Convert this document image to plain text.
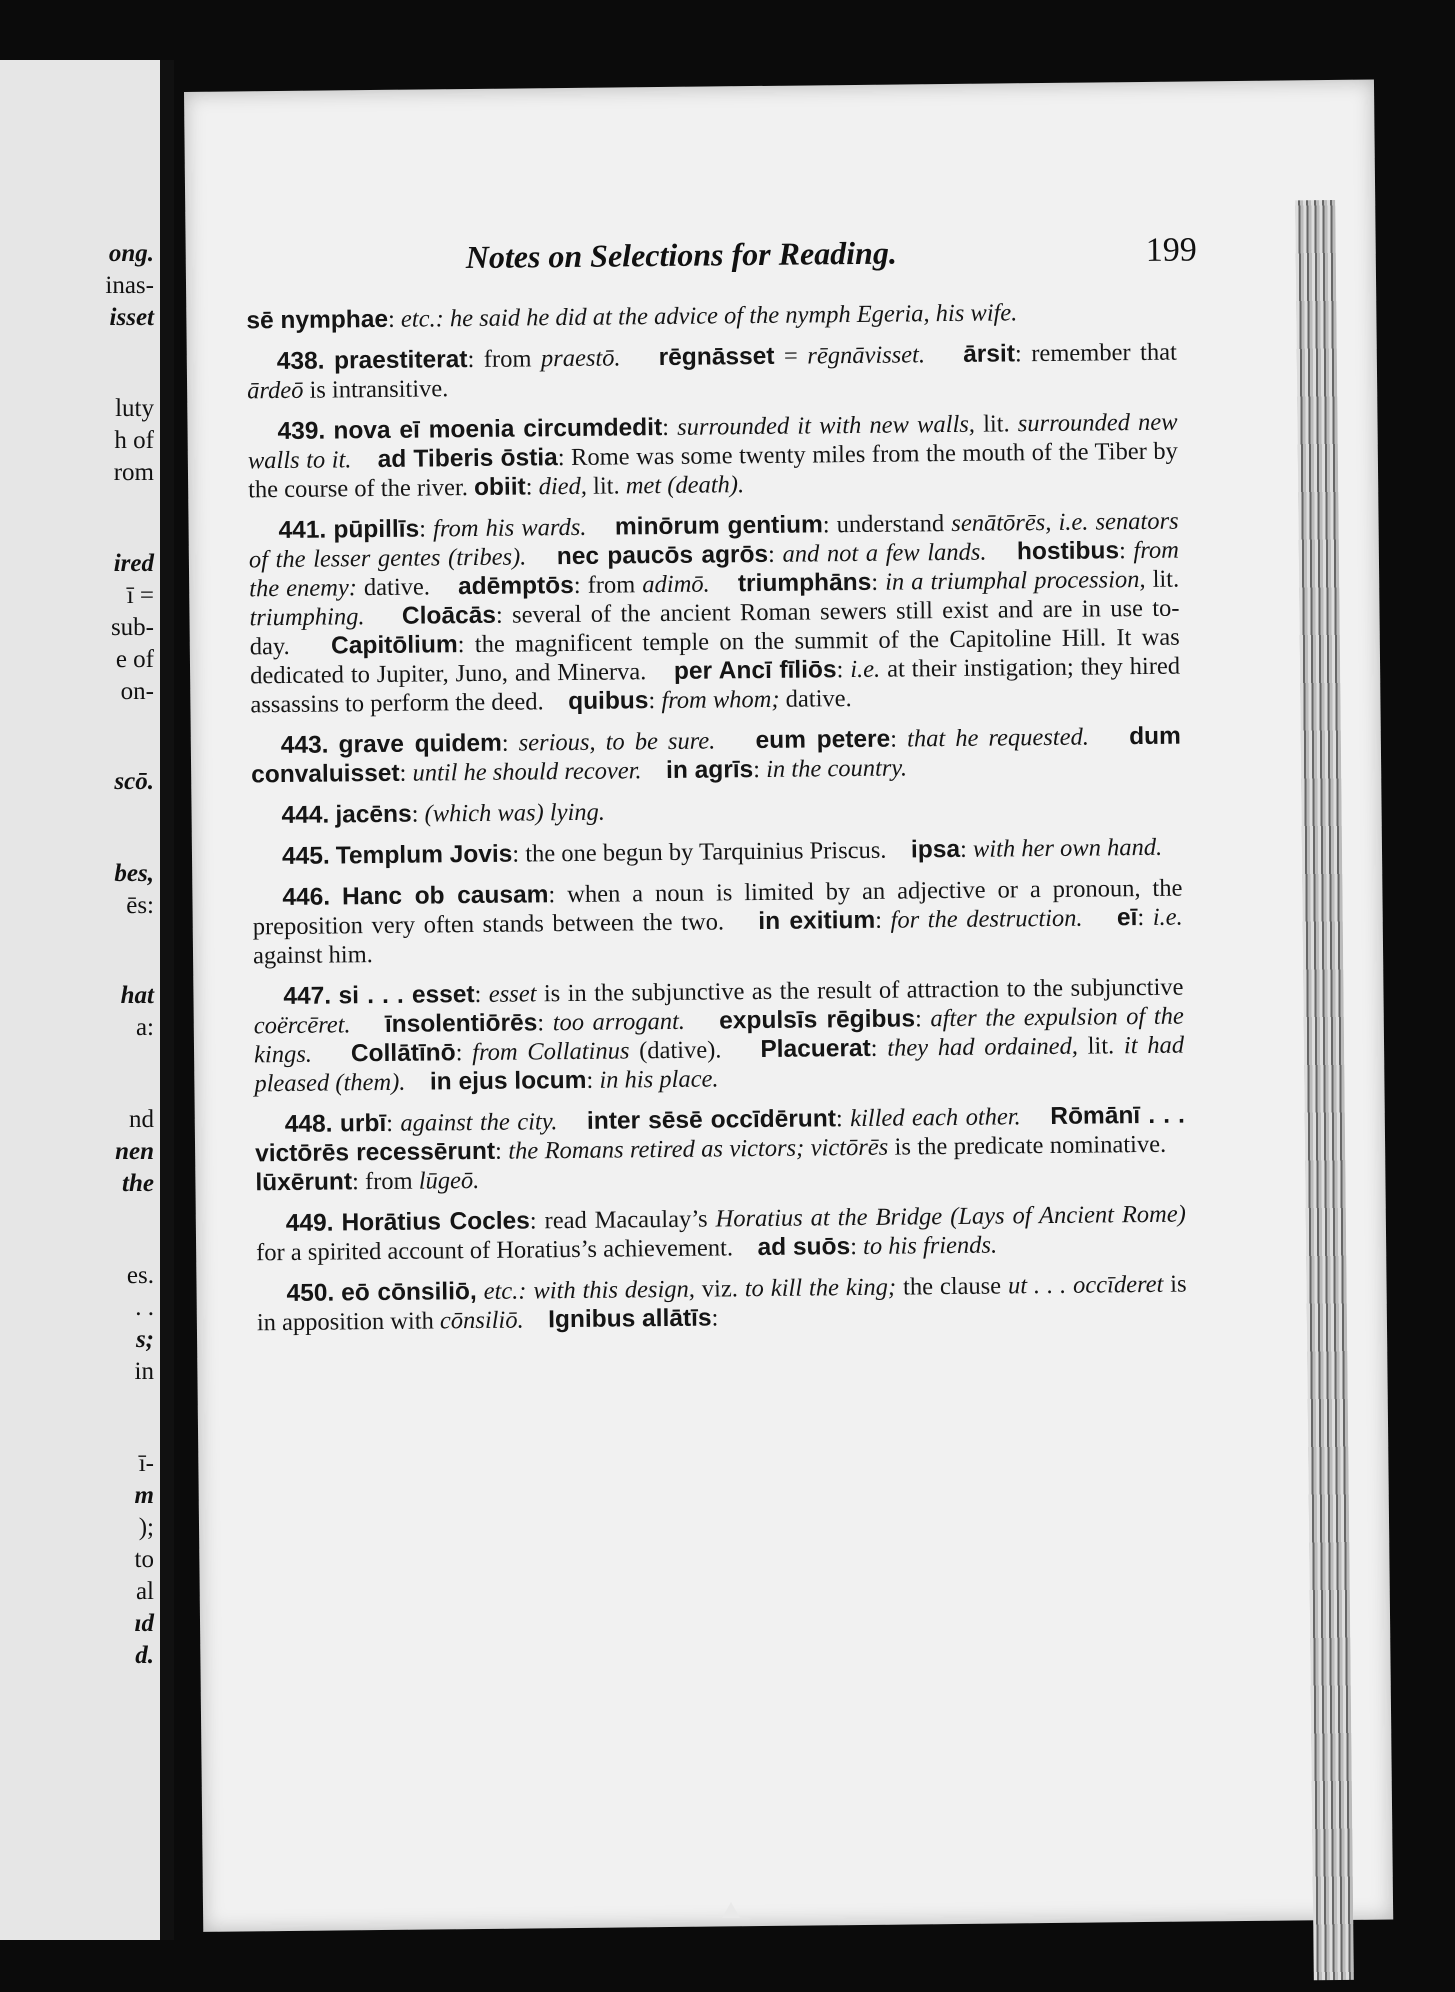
ong.
inas-
isset
luty
h of
rom
ired
ī =
sub-
e of
on-
scō.
bes,
ēs:
hat
a:
nd
nen
the
es.
. .
s;
in
ī-
m
);
to
al
ıd
d.
Notes on Selections for Reading.	199

sē nymphae: etc.: he said he did at the advice of the nymph Egeria, his wife.

438. praestiterat: from praestō. rēgnāsset = rēgnāvisset. ārsit: remember that ārdeō is intransitive.

439. nova eī moenia circumdedit: surrounded it with new walls, lit. surrounded new walls to it. ad Tiberis ōstia: Rome was some twenty miles from the mouth of the Tiber by the course of the river. obiit: died, lit. met (death).

441. pūpillīs: from his wards. minōrum gentium: understand senātōrēs, i.e. senators of the lesser gentes (tribes). nec paucōs agrōs: and not a few lands. hostibus: from the enemy: dative. adēmptōs: from adimō. triumphāns: in a triumphal procession, lit. triumphing. Cloācās: several of the ancient Roman sewers still exist and are in use to-day. Capitōlium: the magnificent temple on the summit of the Capitoline Hill. It was dedicated to Jupiter, Juno, and Minerva. per Ancī fīliōs: i.e. at their instigation; they hired assassins to perform the deed. quibus: from whom; dative.

443. grave quidem: serious, to be sure. eum petere: that he requested. dum convaluisset: until he should recover. in agrīs: in the country.

444. jacēns: (which was) lying.

445. Templum Jovis: the one begun by Tarquinius Priscus. ipsa: with her own hand.

446. Hanc ob causam: when a noun is limited by an adjective or a pronoun, the preposition very often stands between the two. in exitium: for the destruction. eī: i.e. against him.

447. si . . . esset: esset is in the subjunctive as the result of attraction to the subjunctive coërcēret. īnsolentiōrēs: too arrogant. expulsīs rēgibus: after the expulsion of the kings. Collātīnō: from Collatinus (dative). Placuerat: they had ordained, lit. it had pleased (them). in ejus locum: in his place.

448. urbī: against the city. inter sēsē occīdērunt: killed each other. Rōmānī . . . victōrēs recessērunt: the Romans retired as victors; victōrēs is the predicate nominative.    lūxērunt: from lūgeō.

449. Horātius Cocles: read Macaulay’s Horatius at the Bridge (Lays of Ancient Rome) for a spirited account of Horatius’s achievement. ad suōs: to his friends.

450. eō cōnsiliō, etc.: with this design, viz. to kill the king; the clause ut . . . occīderet is in apposition with cōnsiliō. Ignibus allātīs:
